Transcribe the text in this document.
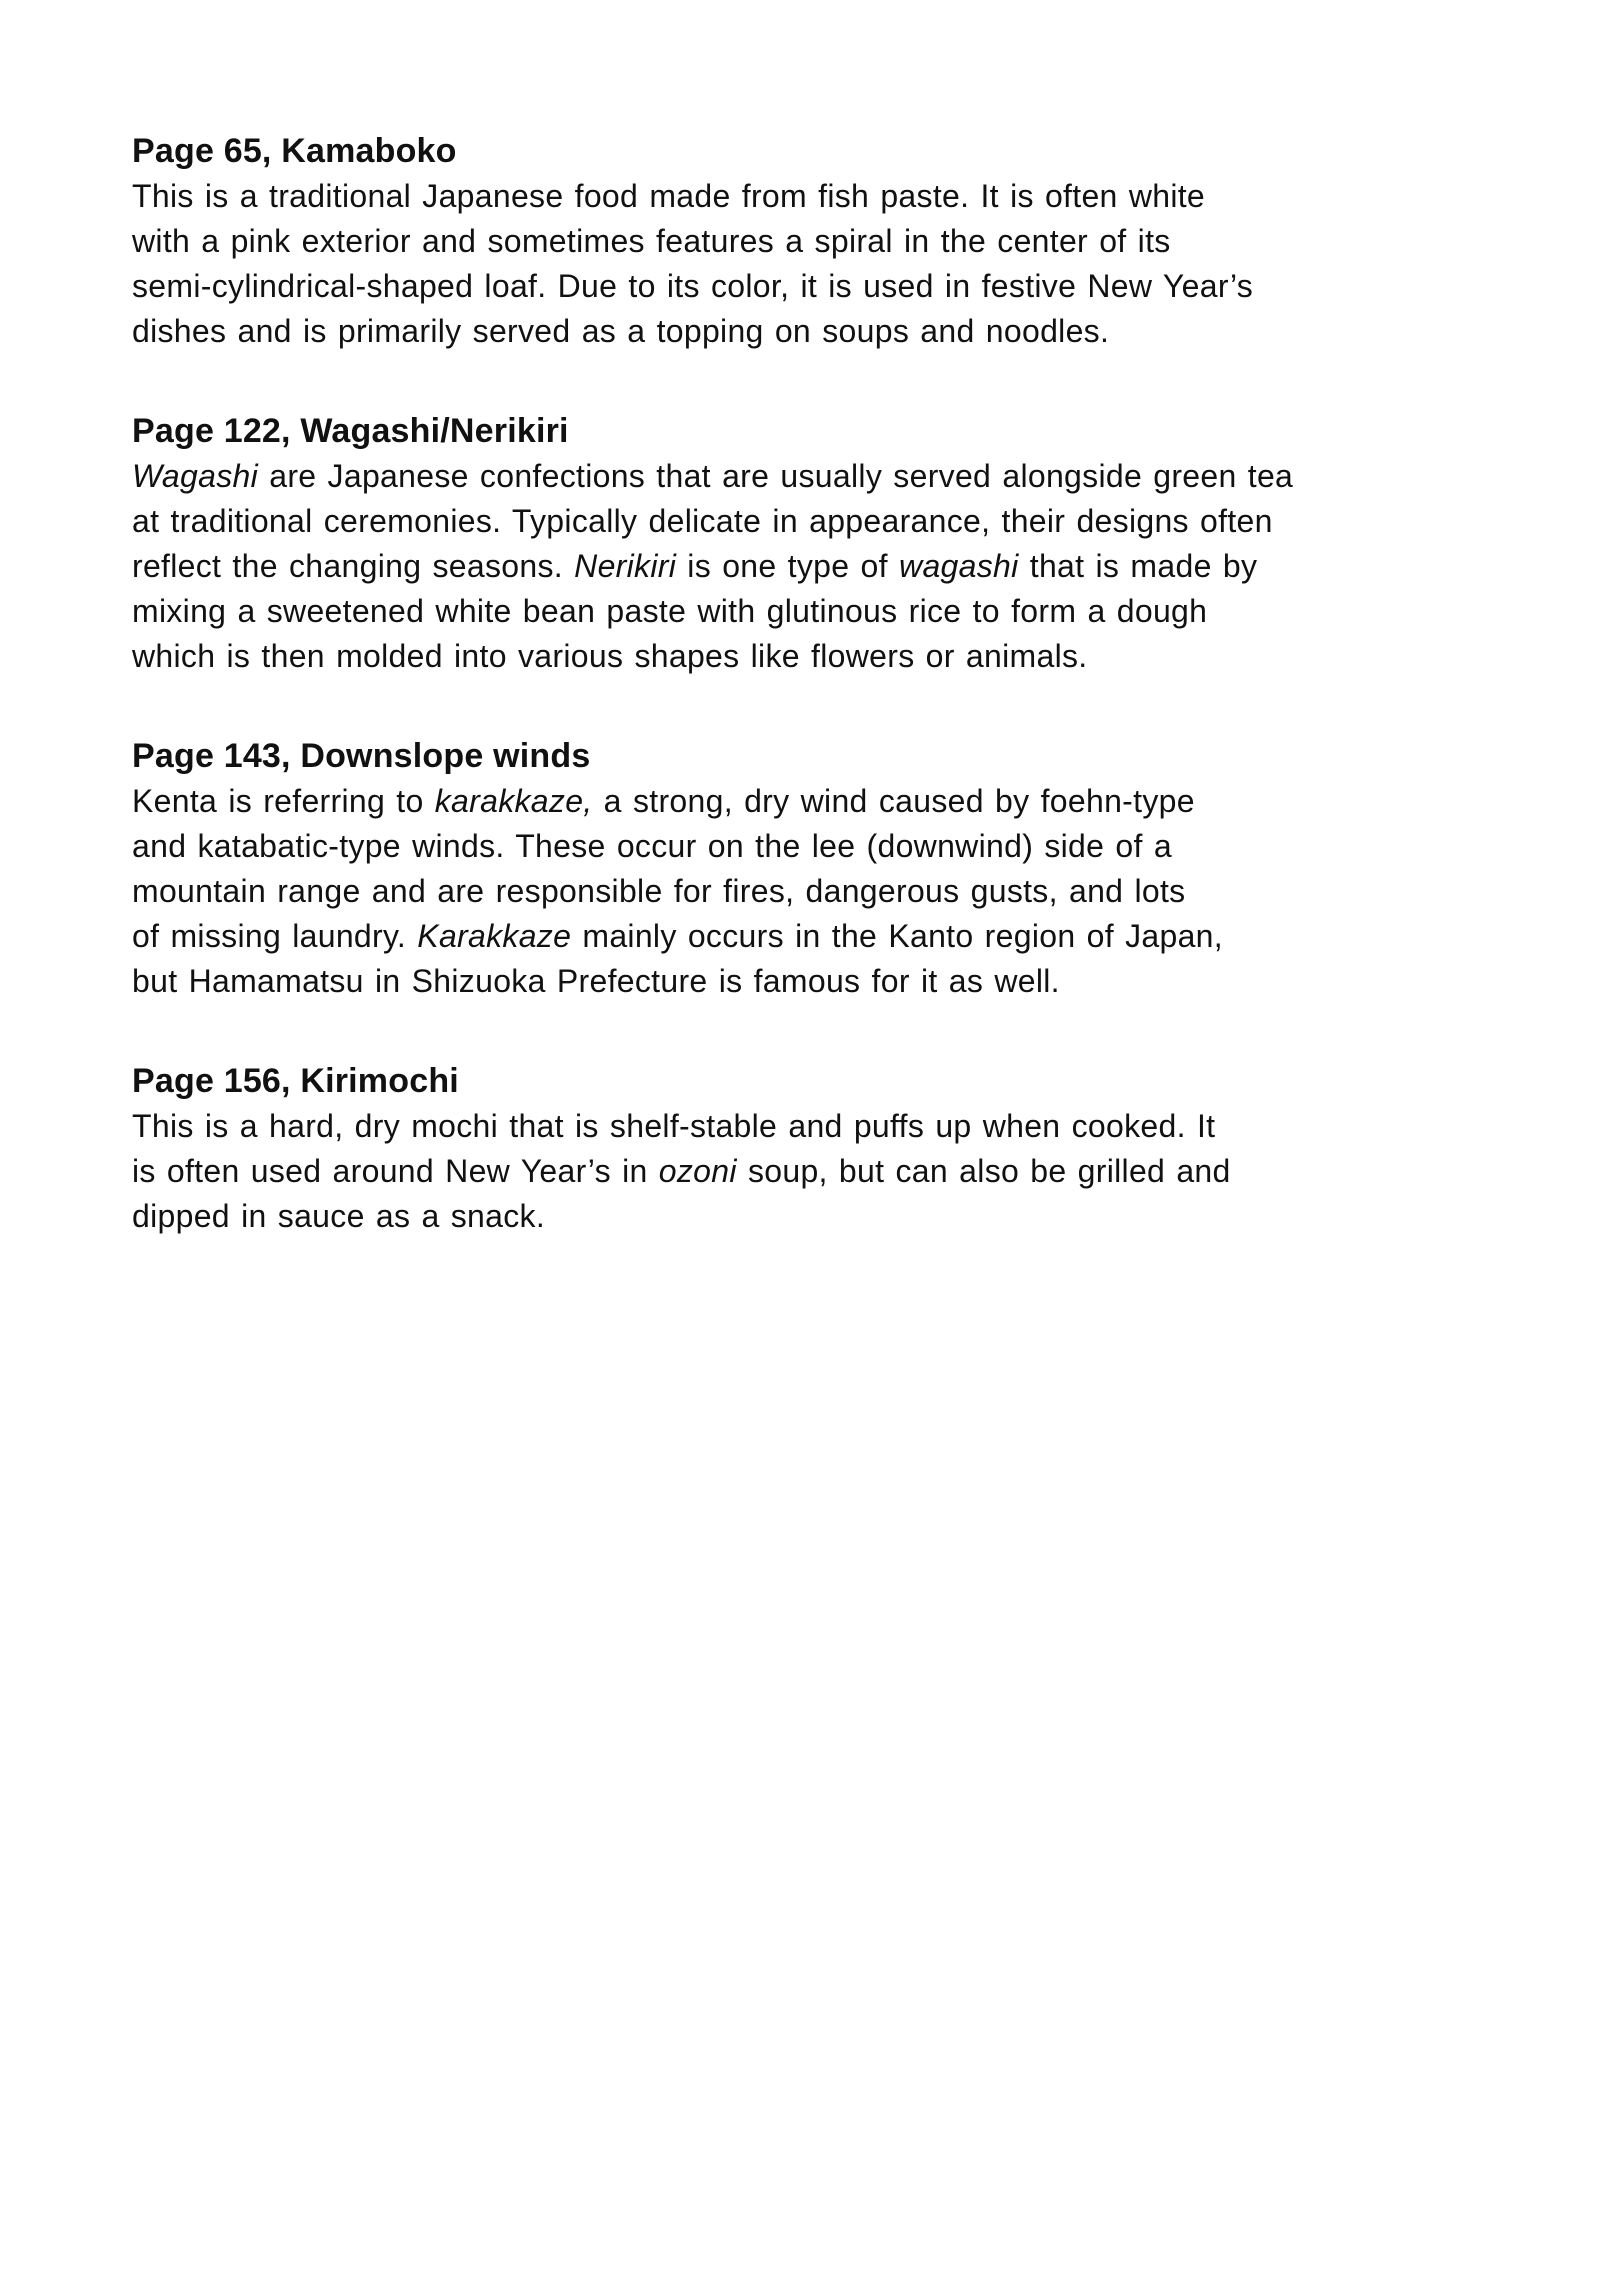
Page 65, Kamaboko
This is a traditional Japanese food made from fish paste. It is often white
with a pink exterior and sometimes features a spiral in the center of its
semi-cylindrical-shaped loaf. Due to its color, it is used in festive New Year’s
dishes and is primarily served as a topping on soups and noodles.
Page 122, Wagashi/Nerikiri
Wagashi are Japanese confections that are usually served alongside green tea
at traditional ceremonies. Typically delicate in appearance, their designs often
reflect the changing seasons. Nerikiri is one type of wagashi that is made by
mixing a sweetened white bean paste with glutinous rice to form a dough
which is then molded into various shapes like flowers or animals.
Page 143, Downslope winds
Kenta is referring to karakkaze, a strong, dry wind caused by foehn-type
and katabatic-type winds. These occur on the lee (downwind) side of a
mountain range and are responsible for fires, dangerous gusts, and lots
of missing laundry. Karakkaze mainly occurs in the Kanto region of Japan,
but Hamamatsu in Shizuoka Prefecture is famous for it as well.
Page 156, Kirimochi
This is a hard, dry mochi that is shelf-stable and puffs up when cooked. It
is often used around New Year’s in ozoni soup, but can also be grilled and
dipped in sauce as a snack.
